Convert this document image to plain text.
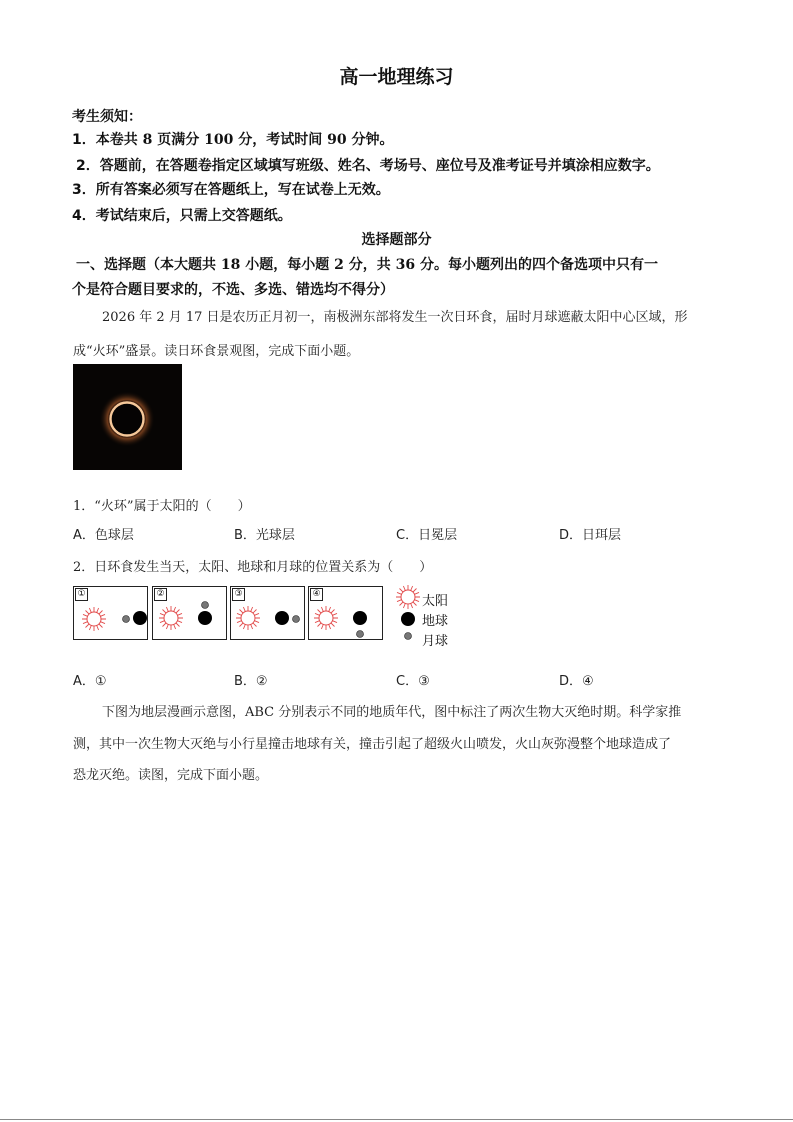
高一地理练习
考生须知：
1．本卷共 8 页满分 100 分，考试时间 90 分钟。
2．答题前，在答题卷指定区域填写班级、姓名、考场号、座位号及准考证号并填涂相应数字。
3．所有答案必须写在答题纸上，写在试卷上无效。
4．考试结束后，只需上交答题纸。
选择题部分
一、选择题（本大题共 18 小题，每小题 2 分，共 36 分。每小题列出的四个备选项中只有一
个是符合题目要求的，不选、多选、错选均不得分）
2026 年 2 月 17 日是农历正月初一，南极洲东部将发生一次日环食，届时月球遮蔽太阳中心区域，形
成“火环”盛景。读日环食景观图，完成下面小题。
1．“火环”属于太阳的（　　）
A．色球层	B．光球层	C．日冕层	D．日珥层
2．日环食发生当天，太阳、地球和月球的位置关系为（　　）
①	②	③	④	太阳
地球
月球
A．①	B．②	C．③	D．④
下图为地层漫画示意图，ABC 分别表示不同的地质年代，图中标注了两次生物大灭绝时期。科学家推
测，其中一次生物大灭绝与小行星撞击地球有关，撞击引起了超级火山喷发，火山灰弥漫整个地球造成了
恐龙灭绝。读图，完成下面小题。
